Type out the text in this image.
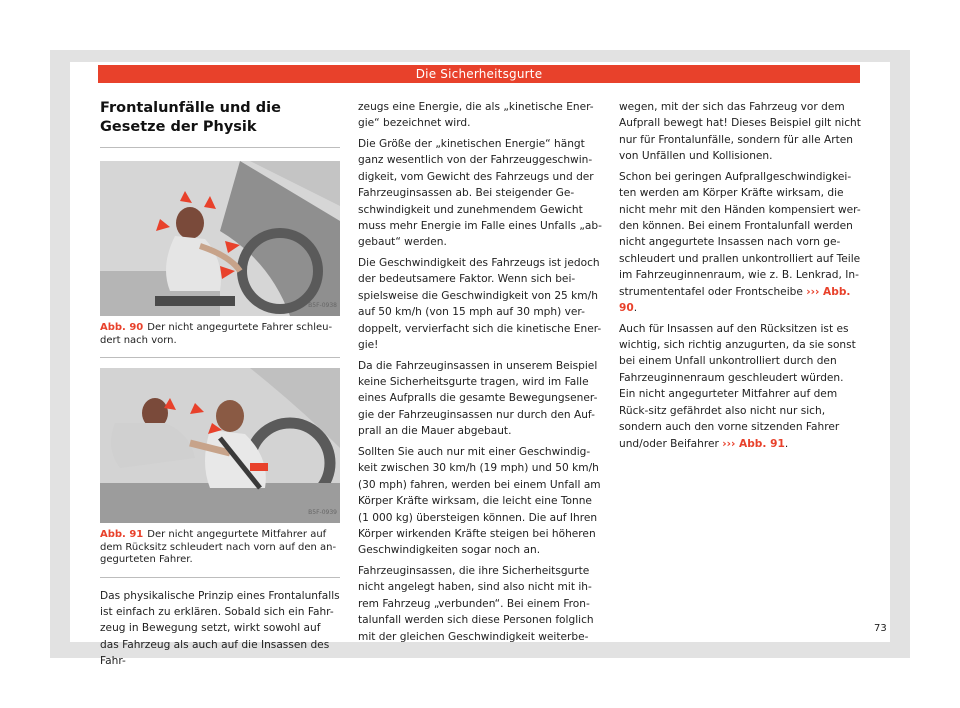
Die Sicherheitsgurte
Frontalunfälle und die Gesetze der Physik
B5F-0938
Abb. 90 Der nicht angegurtete Fahrer schleu-dert nach vorn.
B5F-0939
Abb. 91 Der nicht angegurtete Mitfahrer auf dem Rücksitz schleudert nach vorn auf den an-gegurteten Fahrer.

Das physikalische Prinzip eines Frontalunfalls ist einfach zu erklären. Sobald sich ein Fahr-zeug in Bewegung setzt, wirkt sowohl auf das Fahrzeug als auch auf die Insassen des Fahr-

zeugs eine Energie, die als „kinetische Ener-gie“ bezeichnet wird.

Die Größe der „kinetischen Energie“ hängt ganz wesentlich von der Fahrzeuggeschwin-digkeit, vom Gewicht des Fahrzeugs und der Fahrzeuginsassen ab. Bei steigender Ge-schwindigkeit und zunehmendem Gewicht muss mehr Energie im Falle eines Unfalls „ab-gebaut“ werden.

Die Geschwindigkeit des Fahrzeugs ist jedoch der bedeutsamere Faktor. Wenn sich bei-spielsweise die Geschwindigkeit von 25 km/h auf 50 km/h (von 15 mph auf 30 mph) ver-doppelt, vervierfacht sich die kinetische Ener-gie!

Da die Fahrzeuginsassen in unserem Beispiel keine Sicherheitsgurte tragen, wird im Falle eines Aufpralls die gesamte Bewegungsener-gie der Fahrzeuginsassen nur durch den Auf-prall an die Mauer abgebaut.

Sollten Sie auch nur mit einer Geschwindig-keit zwischen 30 km/h (19 mph) und 50 km/h (30 mph) fahren, werden bei einem Unfall am Körper Kräfte wirksam, die leicht eine Tonne (1 000 kg) übersteigen können. Die auf Ihren Körper wirkenden Kräfte steigen bei höheren Geschwindigkeiten sogar noch an.

Fahrzeuginsassen, die ihre Sicherheitsgurte nicht angelegt haben, sind also nicht mit ih-rem Fahrzeug „verbunden“. Bei einem Fron-talunfall werden sich diese Personen folglich mit der gleichen Geschwindigkeit weiterbe-

wegen, mit der sich das Fahrzeug vor dem Aufprall bewegt hat! Dieses Beispiel gilt nicht nur für Frontalunfälle, sondern für alle Arten von Unfällen und Kollisionen.

Schon bei geringen Aufprallgeschwindigkei-ten werden am Körper Kräfte wirksam, die nicht mehr mit den Händen kompensiert wer-den können. Bei einem Frontalunfall werden nicht angegurtete Insassen nach vorn ge-schleudert und prallen unkontrolliert auf Teile im Fahrzeuginnenraum, wie z. B. Lenkrad, In-strumententafel oder Frontscheibe ››› Abb. 90.

Auch für Insassen auf den Rücksitzen ist es wichtig, sich richtig anzugurten, da sie sonst bei einem Unfall unkontrolliert durch den Fahrzeuginnenraum geschleudert würden. Ein nicht angegurteter Mitfahrer auf dem Rück-sitz gefährdet also nicht nur sich, sondern auch den vorne sitzenden Fahrer und/oder Beifahrer ››› Abb. 91.

73
